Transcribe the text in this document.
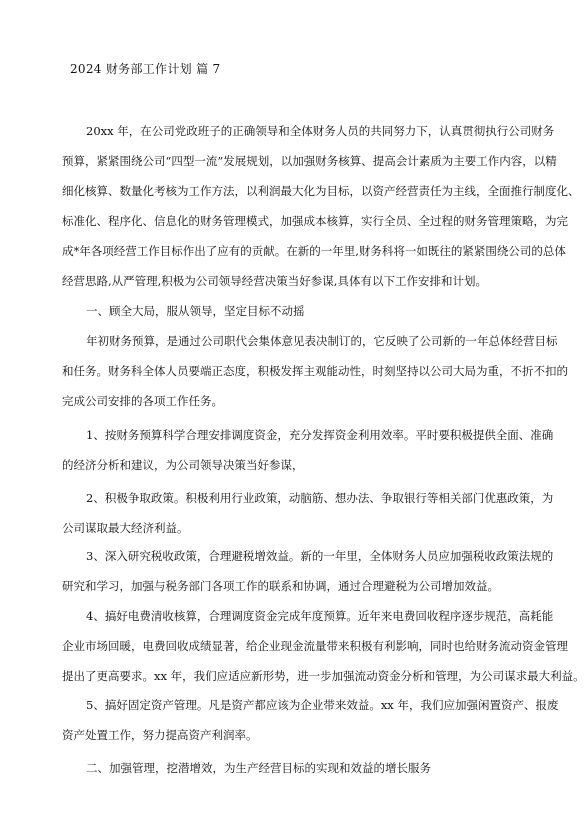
2024 财务部工作计划 篇 7
20xx 年，在公司党政班子的正确领导和全体财务人员的共同努力下，认真贯彻执行公司财务
预算，紧紧围绕公司“四型一流”发展规划，以加强财务核算、提高会计素质为主要工作内容，以精
细化核算、数量化考核为工作方法，以利润最大化为目标，以资产经营责任为主线，全面推行制度化、
标准化、程序化、信息化的财务管理模式，加强成本核算，实行全员、全过程的财务管理策略，为完
成*年各项经营工作目标作出了应有的贡献。在新的一年里,财务科将一如既往的紧紧围绕公司的总体
经营思路,从严管理,积极为公司领导经营决策当好参谋,具体有以下工作安排和计划。
一、顾全大局，服从领导，坚定目标不动摇
年初财务预算，是通过公司职代会集体意见表决制订的，它反映了公司新的一年总体经营目标
和任务。财务科全体人员要端正态度，积极发挥主观能动性，时刻坚持以公司大局为重，不折不扣的
完成公司安排的各项工作任务。
1、按财务预算科学合理安排调度资金，充分发挥资金利用效率。平时要积极提供全面、准确
的经济分析和建议，为公司领导决策当好参谋，
2、积极争取政策。积极利用行业政策，动脑筋、想办法、争取银行等相关部门优惠政策，为
公司谋取最大经济利益。
3、深入研究税收政策，合理避税增效益。新的一年里，全体财务人员应加强税收政策法规的
研究和学习，加强与税务部门各项工作的联系和协调，通过合理避税为公司增加效益。
4、搞好电费清收核算，合理调度资金完成年度预算。近年来电费回收程序逐步规范，高耗能
企业市场回暖，电费回收成绩显著，给企业现金流量带来积极有利影响，同时也给财务流动资金管理
提出了更高要求。xx 年，我们应适应新形势，进一步加强流动资金分析和管理，为公司谋求最大利益。
5、搞好固定资产管理。凡是资产都应该为企业带来效益。xx 年，我们应加强闲置资产、报废
资产处置工作，努力提高资产利润率。
二、加强管理，挖潜增效，为生产经营目标的实现和效益的增长服务
